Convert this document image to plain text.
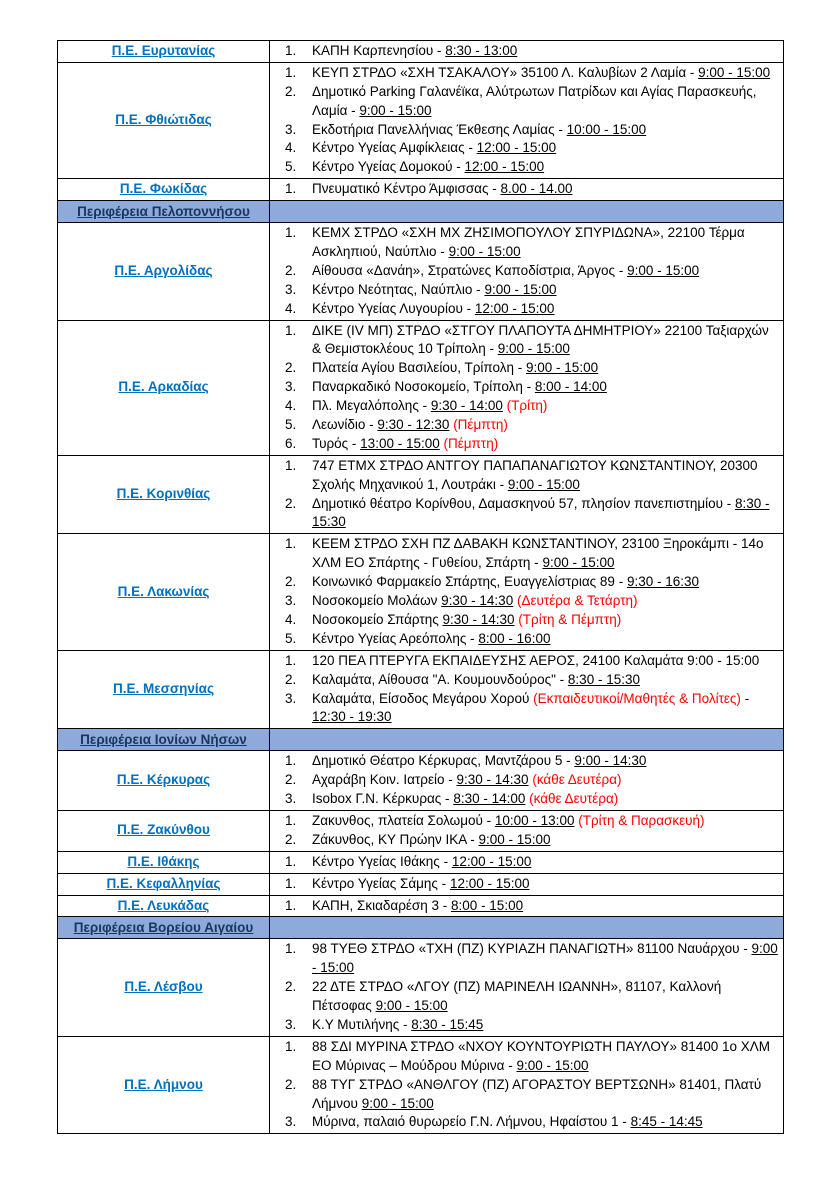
Π.Ε. Ευρυτανίας	ΚΑΠΗ Καρπενησίου - 8:30 - 13:00

Π.Ε. Φθιώτιδας	
ΚΕΥΠ ΣΤΡΔΟ «ΣΧΗ ΤΣΑΚΑΛΟΥ» 35100 Λ. Καλυβίων 2 Λαμία - 9:00 - 15:00
Δημοτικό Parking Γαλανέϊκα, Αλύτρωτων Πατρίδων και Αγίας Παρασκευής, Λαμία - 9:00 - 15:00
Εκδοτήρια Πανελλήνιας Έκθεσης Λαμίας - 10:00 - 15:00
Κέντρο Υγείας Αμφίκλειας - 12:00 - 15:00
Κέντρο Υγείας Δομοκού - 12:00 - 15:00

Π.Ε. Φωκίδας	Πνευματικό Κέντρο Άμφισσας - 8.00 - 14.00

Περιφέρεια Πελοποννήσου	
Π.Ε. Αργολίδας	
ΚΕΜΧ ΣΤΡΔΟ «ΣΧΗ ΜΧ ΖΗΣΙΜΟΠΟΥΛΟΥ ΣΠΥΡΙΔΩΝΑ», 22100 Τέρμα Ασκληπιού, Ναύπλιο - 9:00 - 15:00
Αίθουσα «Δανάη», Στρατώνες Καποδίστρια, Άργος - 9:00 - 15:00
Κέντρο Νεότητας, Ναύπλιο - 9:00 - 15:00
Κέντρο Υγείας Λυγουρίου - 12:00 - 15:00

Π.Ε. Αρκαδίας	
ΔΙΚΕ (IV ΜΠ) ΣΤΡΔΟ «ΣΤΓΟΥ ΠΛΑΠΟΥΤΑ ΔΗΜΗΤΡΙΟΥ» 22100 Ταξιαρχών & Θεμιστοκλέους 10 Τρίπολη - 9:00 - 15:00
Πλατεία Αγίου Βασιλείου, Τρίπολη - 9:00 - 15:00
Παναρκαδικό Νοσοκομείο, Τρίπολη - 8:00 - 14:00
Πλ. Μεγαλόπολης - 9:30 - 14:00 (Τρίτη)
Λεωνίδιο - 9:30 - 12:30 (Πέμπτη)
Τυρός - 13:00 - 15:00 (Πέμπτη)

Π.Ε. Κορινθίας	
747 ΕΤΜΧ ΣΤΡΔΟ ΑΝΤΓΟΥ ΠΑΠΑΠΑΝΑΓΙΩΤΟΥ ΚΩΝΣΤΑΝΤΙΝΟΥ, 20300 Σχολής Μηχανικού 1, Λουτράκι - 9:00 - 15:00
Δημοτικό θέατρο Κορίνθου, Δαμασκηνού 57, πλησίον πανεπιστημίου - 8:30 - 15:30

Π.Ε. Λακωνίας	
ΚΕΕΜ ΣΤΡΔΟ ΣΧΗ ΠΖ ΔΑΒΑΚΗ ΚΩΝΣΤΑΝΤΙΝΟΥ, 23100 Ξηροκάμπι - 14ο ΧΛΜ ΕΟ Σπάρτης - Γυθείου, Σπάρτη - 9:00 - 15:00
Κοινωνικό Φαρμακείο Σπάρτης, Ευαγγελίστριας 89 - 9:30 - 16:30
Νοσοκομείο Μολάων 9:30 - 14:30 (Δευτέρα & Τετάρτη)
Νοσοκομείο Σπάρτης 9:30 - 14:30 (Τρίτη & Πέμπτη)
Κέντρο Υγείας Αρεόπολης - 8:00 - 16:00

Π.Ε. Μεσσηνίας	
120 ΠΕΑ ΠΤΕΡΥΓΑ ΕΚΠΑΙΔΕΥΣΗΣ ΑΕΡΟΣ, 24100 Καλαμάτα 9:00 - 15:00
Καλαμάτα, Αίθουσα "Α. Κουμουνδούρος" - 8:30 - 15:30
Καλαμάτα, Είσοδος Μεγάρου Χορού (Εκπαιδευτικοί/Μαθητές & Πολίτες) - 12:30 - 19:30

Περιφέρεια Ιονίων Νήσων	
Π.Ε. Κέρκυρας	
Δημοτικό Θέατρο Κέρκυρας, Μαντζάρου 5 - 9:00 - 14:30
Αχαράβη Κοιν. Ιατρείο - 9:30 - 14:30 (κάθε Δευτέρα)
Isobox Γ.Ν. Κέρκυρας - 8:30 - 14:00 (κάθε Δευτέρα)

Π.Ε. Ζακύνθου	
Ζακυνθος, πλατεία Σολωμού - 10:00 - 13:00 (Τρίτη & Παρασκευή)
Ζάκυνθος, ΚΥ Πρώην ΙΚΑ - 9:00 - 15:00

Π.Ε. Ιθάκης	Κέντρο Υγείας Ιθάκης - 12:00 - 15:00

Π.Ε. Κεφαλληνίας	Κέντρο Υγείας Σάμης - 12:00 - 15:00

Π.Ε. Λευκάδας	ΚΑΠΗ, Σκιαδαρέση 3 - 8:00 - 15:00

Περιφέρεια Βορείου Αιγαίου	
Π.Ε. Λέσβου	
98 ΤΥΕΘ ΣΤΡΔΟ «ΤΧΗ (ΠΖ) ΚΥΡΙΑΖΗ ΠΑΝΑΓΙΩΤΗ» 81100 Ναυάρχου - 9:00 - 15:00
22 ΔΤΕ ΣΤΡΔΟ «ΛΓΟΥ (ΠΖ) ΜΑΡΙΝΕΛΗ ΙΩΑΝΝΗ», 81107, Καλλονή Πέτσοφας 9:00 - 15:00
Κ.Υ Μυτιλήνης - 8:30 - 15:45

Π.Ε. Λήμνου	
88 ΣΔΙ ΜΥΡΙΝΑ ΣΤΡΔΟ «ΝΧΟΥ ΚΟΥΝΤΟΥΡΙΩΤΗ ΠΑΥΛΟΥ» 81400 1ο ΧΛΜ ΕΟ Μύρινας – Μούδρου Μύρινα - 9:00 - 15:00
88 ΤΥΓ ΣΤΡΔΟ «ΑΝΘΛΓΟΥ (ΠΖ) ΑΓΟΡΑΣΤΟΥ ΒΕΡΤΣΩΝΗ» 81401, Πλατύ Λήμνου 9:00 - 15:00
Μύρινα, παλαιό θυρωρείο Γ.Ν. Λήμνου, Ηφαίστου 1 - 8:45 - 14:45
